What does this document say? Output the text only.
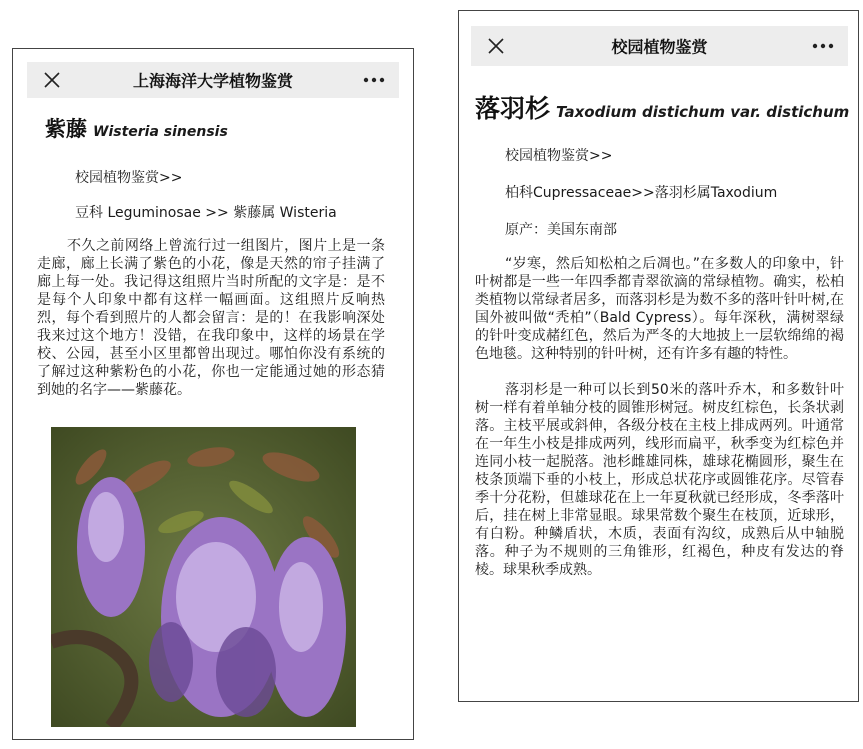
上海海洋大学植物鉴赏
紫藤 Wisteria sinensis
校园植物鉴赏>>
豆科 Leguminosae >> 紫藤属 Wisteria

不久之前网络上曾流行过一组图片，图片上是一条走廊，廊上长满了紫色的小花，像是天然的帘子挂满了廊上每一处。我记得这组照片当时所配的文字是：是不是每个人印象中都有这样一幅画面。这组照片反响热烈，每个看到照片的人都会留言：是的！在我影响深处我来过这个地方！没错，在我印象中，这样的场景在学校、公园，甚至小区里都曾出现过。哪怕你没有系统的了解过这种紫粉色的小花，你也一定能通过她的形态猜到她的名字——紫藤花。

校园植物鉴赏
落羽杉 Taxodium distichum var. distichum
校园植物鉴赏>>
柏科Cupressaceae>>落羽杉属Taxodium
原产：美国东南部

“岁寒，然后知松柏之后凋也。”在多数人的印象中，针叶树都是一些一年四季都青翠欲滴的常绿植物。确实，松柏类植物以常绿者居多，而落羽杉是为数不多的落叶针叶树,在国外被叫做“秃柏”（Bald Cypress）。每年深秋，满树翠绿的针叶变成赭红色，然后为严冬的大地披上一层软绵绵的褐色地毯。这种特别的针叶树，还有许多有趣的特性。

落羽杉是一种可以长到50米的落叶乔木，和多数针叶树一样有着单轴分枝的圆锥形树冠。树皮红棕色，长条状剥落。主枝平展或斜伸，各级分枝在主枝上排成两列。叶通常在一年生小枝是排成两列，线形而扁平，秋季变为红棕色并连同小枝一起脱落。池杉雌雄同株，雄球花椭圆形，聚生在枝条顶端下垂的小枝上，形成总状花序或圆锥花序。尽管春季十分花粉，但雄球花在上一年夏秋就已经形成，冬季落叶后，挂在树上非常显眼。球果常数个聚生在枝顶，近球形，有白粉。种鳞盾状，木质，表面有沟纹，成熟后从中轴脱落。种子为不规则的三角锥形，红褐色，种皮有发达的脊棱。球果秋季成熟。
